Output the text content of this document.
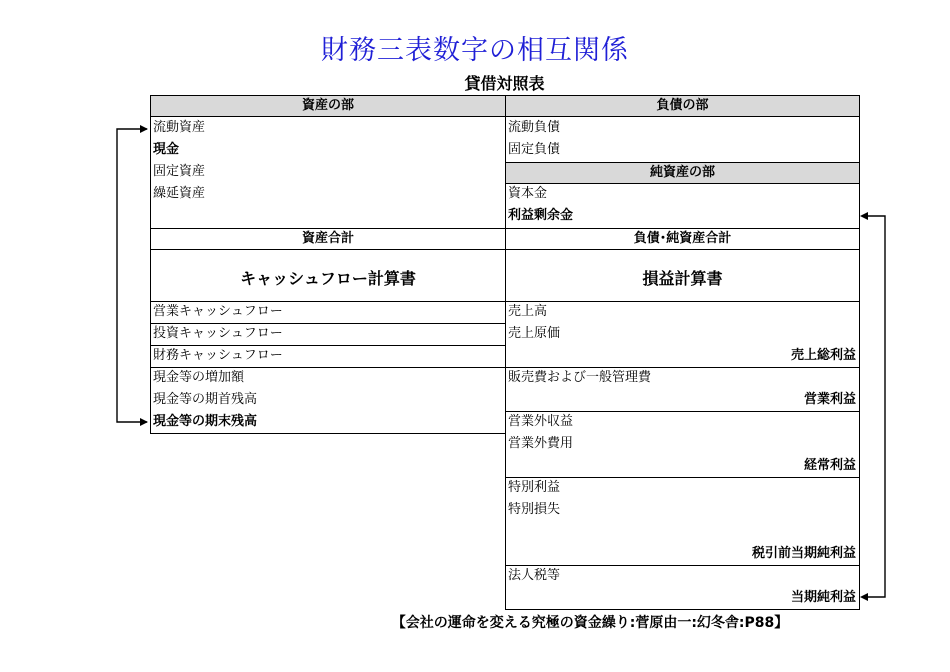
財務三表数字の相互関係
貸借対照表
資産の部	負債の部
純資産の部
流動資産
現金
固定資産
繰延資産
流動負債
固定負債
資本金
利益剰余金
資産合計	負債･純資産合計
キャッシュフロー計算書
営業キャッシュフロー
投資キャッシュフロー
財務キャッシュフロー
現金等の増加額
現金等の期首残高
現金等の期末残高
損益計算書
売上高
売上原価
売上総利益
販売費および一般管理費
営業利益
営業外収益
営業外費用
経常利益
特別利益
特別損失
税引前当期純利益
法人税等
当期純利益
【会社の運命を変える究極の資金繰り:菅原由一:幻冬舎:P88】
